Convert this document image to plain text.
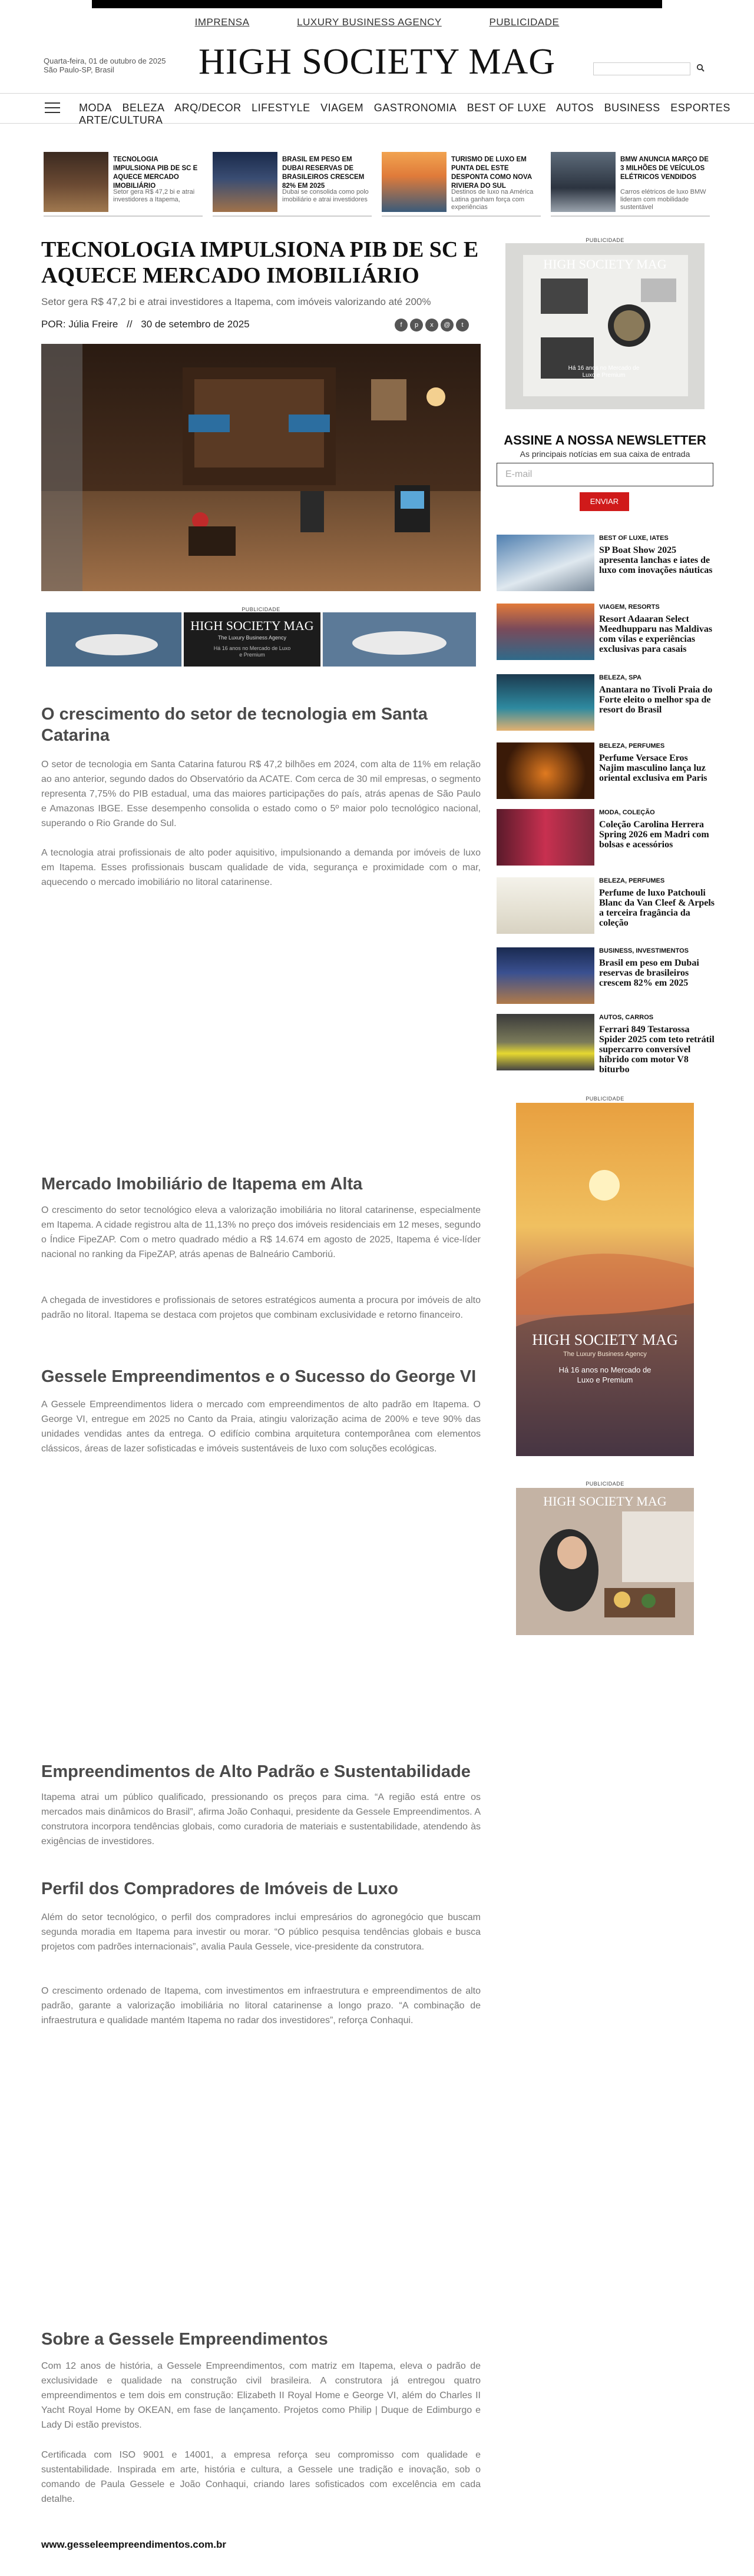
IMPRENSA	LUXURY BUSINESS AGENCY	PUBLICIDADE
Quarta-feira, 01 de outubro de 2025
São Paulo-SP, Brasil	HIGH SOCIETY MAG
MODA BELEZA ARQ/DECOR LIFESTYLE VIAGEM GASTRONOMIA BEST OF LUXE AUTOS BUSINESS ESPORTES ARTE/CULTURA
TECNOLOGIA IMPULSIONA PIB DE SC E AQUECE MERCADO IMOBILIÁRIO
Setor gera R$ 47,2 bi e atrai investidores a Itapema,
BRASIL EM PESO EM DUBAI RESERVAS DE BRASILEIROS CRESCEM 82% EM 2025
Dubai se consolida como polo imobiliário e atrai investidores
TURISMO DE LUXO EM PUNTA DEL ESTE DESPONTA COMO NOVA RIVIERA DO SUL
Destinos de luxo na América Latina ganham força com experiências
BMW ANUNCIA MARÇO DE 3 MILHÕES DE VEÍCULOS ELÉTRICOS VENDIDOS
Carros elétricos de luxo BMW lideram com mobilidade sustentável
TECNOLOGIA IMPULSIONA PIB DE SC E AQUECE MERCADO IMOBILIÁRIO
Setor gera R$ 47,2 bi e atrai investidores a Itapema, com imóveis valorizando até 200%
POR: Júlia Freire // 30 de setembro de 2025	f p x @ t
PUBLICIDADE
HIGH SOCIETY MAG
The Luxury Business Agency
Há 16 anos no Mercado de Luxo e Premium
O crescimento do setor de tecnologia em Santa Catarina

O setor de tecnologia em Santa Catarina faturou R$ 47,2 bilhões em 2024, com alta de 11% em relação ao ano anterior, segundo dados do Observatório da ACATE. Com cerca de 30 mil empresas, o segmento representa 7,75% do PIB estadual, uma das maiores participações do país, atrás apenas de São Paulo e Amazonas IBGE. Esse desempenho consolida o estado como o 5º maior polo tecnológico nacional, superando o Rio Grande do Sul.

A tecnologia atrai profissionais de alto poder aquisitivo, impulsionando a demanda por imóveis de luxo em Itapema. Esses profissionais buscam qualidade de vida, segurança e proximidade com o mar, aquecendo o mercado imobiliário no litoral catarinense.

Mercado Imobiliário de Itapema em Alta

O crescimento do setor tecnológico eleva a valorização imobiliária no litoral catarinense, especialmente em Itapema. A cidade registrou alta de 11,13% no preço dos imóveis residenciais em 12 meses, segundo o Índice FipeZAP. Com o metro quadrado médio a R$ 14.674 em agosto de 2025, Itapema é vice-líder nacional no ranking da FipeZAP, atrás apenas de Balneário Camboriú.

A chegada de investidores e profissionais de setores estratégicos aumenta a procura por imóveis de alto padrão no litoral. Itapema se destaca com projetos que combinam exclusividade e retorno financeiro.

Gessele Empreendimentos e o Sucesso do George VI

A Gessele Empreendimentos lidera o mercado com empreendimentos de alto padrão em Itapema. O George VI, entregue em 2025 no Canto da Praia, atingiu valorização acima de 200% e teve 90% das unidades vendidas antes da entrega. O edifício combina arquitetura contemporânea com elementos clássicos, áreas de lazer sofisticadas e imóveis sustentáveis de luxo com soluções ecológicas.

Empreendimentos de Alto Padrão e Sustentabilidade

Itapema atrai um público qualificado, pressionando os preços para cima. “A região está entre os mercados mais dinâmicos do Brasil”, afirma João Conhaqui, presidente da Gessele Empreendimentos. A construtora incorpora tendências globais, como curadoria de materiais e sustentabilidade, atendendo às exigências de investidores.

Perfil dos Compradores de Imóveis de Luxo

Além do setor tecnológico, o perfil dos compradores inclui empresários do agronegócio que buscam segunda moradia em Itapema para investir ou morar. “O público pesquisa tendências globais e busca projetos com padrões internacionais”, avalia Paula Gessele, vice-presidente da construtora.

O crescimento ordenado de Itapema, com investimentos em infraestrutura e empreendimentos de alto padrão, garante a valorização imobiliária no litoral catarinense a longo prazo. “A combinação de infraestrutura e qualidade mantém Itapema no radar dos investidores”, reforça Conhaqui.

Sobre a Gessele Empreendimentos

Com 12 anos de história, a Gessele Empreendimentos, com matriz em Itapema, eleva o padrão de exclusividade e qualidade na construção civil brasileira. A construtora já entregou quatro empreendimentos e tem dois em construção: Elizabeth II Royal Home e George VI, além do Charles II Yacht Royal Home by OKEAN, em fase de lançamento. Projetos como Philip | Duque de Edimburgo e Lady Di estão previstos.

Certificada com ISO 9001 e 14001, a empresa reforça seu compromisso com qualidade e sustentabilidade. Inspirada em arte, história e cultura, a Gessele une tradição e inovação, sob o comando de Paula Gessele e João Conhaqui, criando lares sofisticados com excelência em cada detalhe.

www.gesseleempreendimentos.com.br
PUBLICIDADE
HIGH SOCIETY MAG
Há 16 anos no Mercado de Luxo e Premium
ASSINE A NOSSA NEWSLETTER
As principais notícias em sua caixa de entrada
E-mail
ENVIAR
BEST OF LUXE, IATES
SP Boat Show 2025 apresenta lanchas e iates de luxo com inovações náuticas
VIAGEM, RESORTS
Resort Adaaran Select Meedhupparu nas Maldivas com vilas e experiências exclusivas para casais
BELEZA, SPA
Anantara no Tivoli Praia do Forte eleito o melhor spa de resort do Brasil
BELEZA, PERFUMES
Perfume Versace Eros Najim masculino lança luz oriental exclusiva em Paris
MODA, COLEÇÃO
Coleção Carolina Herrera Spring 2026 em Madri com bolsas e acessórios
BELEZA, PERFUMES
Perfume de luxo Patchouli Blanc da Van Cleef & Arpels a terceira fragância da coleção
BUSINESS, INVESTIMENTOS
Brasil em peso em Dubai reservas de brasileiros crescem 82% em 2025
AUTOS, CARROS
Ferrari 849 Testarossa Spider 2025 com teto retrátil supercarro conversível híbrido com motor V8 biturbo
PUBLICIDADE
HIGH SOCIETY MAG
The Luxury Business Agency
Há 16 anos no Mercado de Luxo e Premium
PUBLICIDADE
HIGH SOCIETY MAG
